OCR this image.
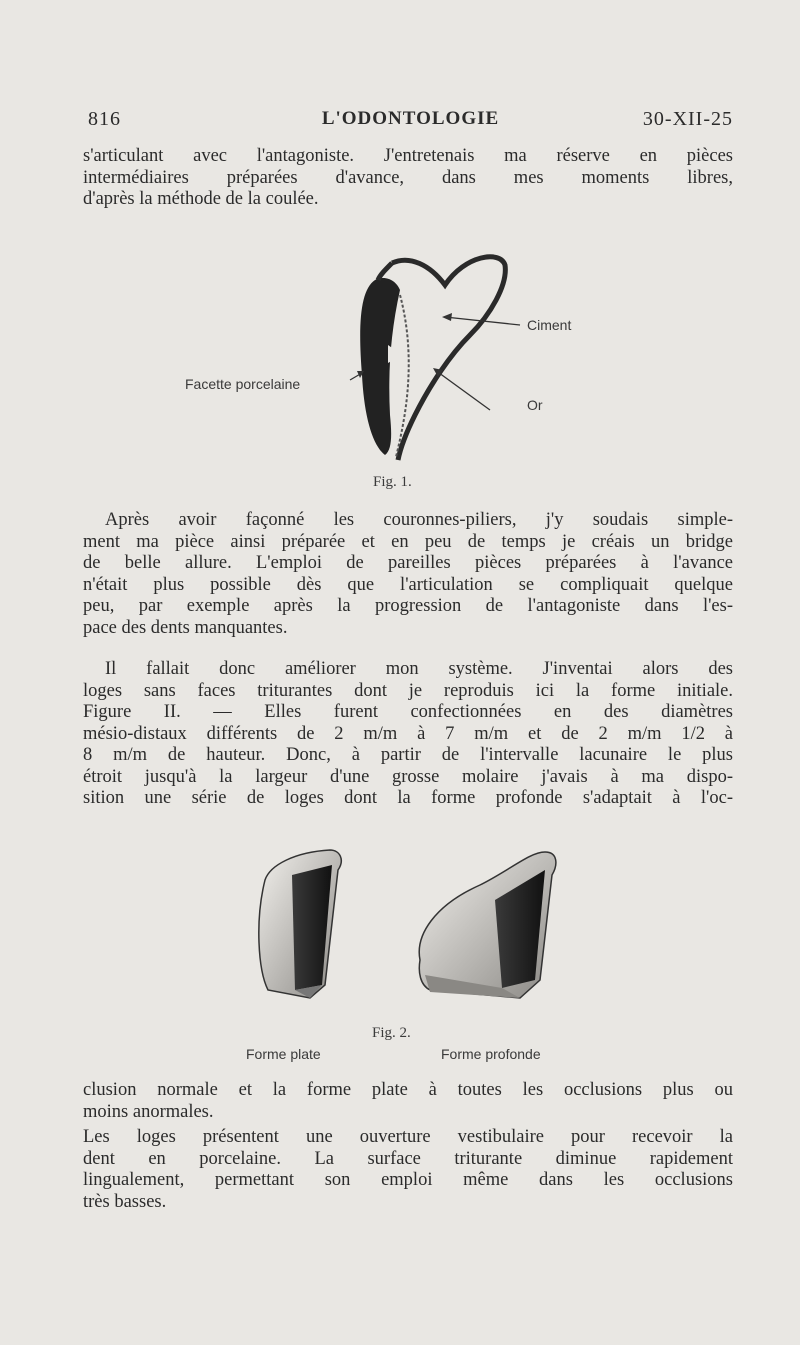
816	L'ODONTOLOGIE	30-XII-25
s'articulant avec l'antagoniste. J'entretenais ma réserve en pièces
intermédiaires préparées d'avance, dans mes moments libres,
d'après la méthode de la coulée.
Ciment
Facette porcelaine
Or
Fig. 1.
Après avoir façonné les couronnes-piliers, j'y soudais simple-
ment ma pièce ainsi préparée et en peu de temps je créais un bridge
de belle allure. L'emploi de pareilles pièces préparées à l'avance
n'était plus possible dès que l'articulation se compliquait quelque
peu, par exemple après la progression de l'antagoniste dans l'es-
pace des dents manquantes.
Il fallait donc améliorer mon système. J'inventai alors des
loges sans faces triturantes dont je reproduis ici la forme initiale.
Figure II. — Elles furent confectionnées en des diamètres
mésio-distaux différents de 2 m/m à 7 m/m et de 2 m/m 1/2 à
8 m/m de hauteur. Donc, à partir de l'intervalle lacunaire le plus
étroit jusqu'à la largeur d'une grosse molaire j'avais à ma dispo-
sition une série de loges dont la forme profonde s'adaptait à l'oc-
Fig. 2.
Forme plate	Forme profonde
clusion normale et la forme plate à toutes les occlusions plus ou
moins anormales.
Les loges présentent une ouverture vestibulaire pour recevoir la
dent en porcelaine. La surface triturante diminue rapidement
lingualement, permettant son emploi même dans les occlusions
très basses.
